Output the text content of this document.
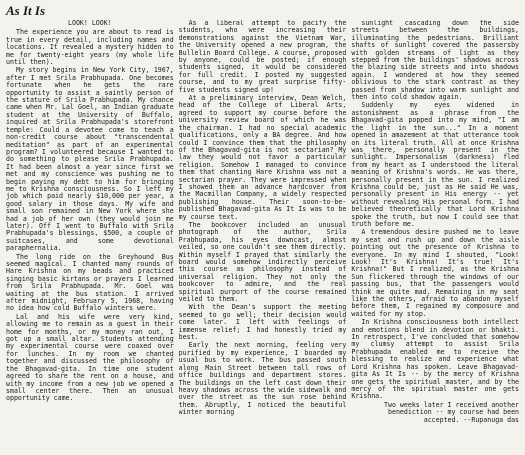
As It Is

LOOK! LOOK!

The experience you are about to read is true in every detail, including names and locations. It revealed a mystery hidden to me for twenty-eight years (my whole life until then).

My story begins in New York City, 1967, after I met Srila Prabhupada. One becomes fortunate when he gets the rare opportunity to assist a saintly person of the stature of Srila Prabhupada. My chance came when Mr. Lal Goel, an Indian graduate student at the University of Buffalo, inquired at Srila Prabhupada's storefront temple: Could a devotee come to teach a non-credit course about "transcendental meditation" as part of an experimental program? I volunteered because I wanted to do something to please Srila Prabhupada. It had been almost a year since first we met and my conscience was pushing me to begin paying my debt to him for bringing me to Krishna consciousness. So I left my job which paid nearly $10,000 per year, a good salary in those days. My wife and small son remained in New York where she had a job of her own (they would join me later). Off I went to Buffalo with Srila Prabhupada's blessings, $500, a couple of suitcases, and some devotional paraphernalia.

The long ride on the Greyhound Bus seemed magical. I chanted many rounds of Hare Krishna on my beads and practiced singing basic kirtans or prayers I learned from Srila Prabhupada. Mr. Goel was waiting at the bus station. I arrived after midnight, February 5, 1968, having no idea how cold Buffalo winters were.

Lal and his wife were very kind, allowing me to remain as a guest in their home for months, or my money ran out, I got up a small altar. Students attending my experimental course were coaxed over for lunches. In my room we chanted together and discussed the philosophy of the Bhagavad-gita. In time one student agreed to share the rent on a house, and with my income from a new job we opened a small center there. Then an unusual opportunity came.

As a liberal attempt to pacify the students, who were increasing their demonstrations against the Vietnam War, the University opened a new program, the Bullelin Board College. A course, proposed by anyone, could be posted; if enough students signed, it would be considered for full credit. I posted my suggested course, and to my great surprise fifty-five students signed up!

At a preliminary interview, Dean Welch, head of the College of Liberal Arts, agreed to support my course before the university review board of which he was the chairman. I had no special academic qualifications, only a BA degree. And how could I convince them that the philosophy of the Bhagavad-gita is not sectarian? My law they would not favor a particular religion. Somehow I managed to convince them that chanting Hare Krishna was not a sectarian prayer. They were impressed when I showed them an advance hardcover from the Macmillan Company, a widely respected publishing house. Their soon-to-be-published Bhagavad-gita As It Is was to be my course text.

The bookcover included an unusual photograph of the author, Srila Prabhupada, his eyes downcast, almost veiled, so one couldn't see them directly. Within myself I prayed that similarly the board would somehow indirectly perceive this course as philosophy instead of universal religion. They not only the bookcover to admire, and the real spiritual purport of the course remained veiled to them.

With the Dean's support the meeting seemed to go well; their decision would come later. I left with feelings of immense relief; I had honestly tried my best.

Early the next morning, feeling very purified by my experience, I boarded my usual bus to work. The bus passed south along Main Street between tall rows of office buildings and department stores. The buildings on the left cast down their heavy shadows across the wide sidewalk and over the street as the sun rose behind them. Abruptly, I noticed the beautiful winter morning

sunlight cascading down the side streets between the buildings, illuminating the pedestrians. Brilliant shafts of sunlight covered the passersby with golden streams of light as they stepped from the buildings' shadows across the blazing side streets and into shadows again. I wondered at how they seemed oblivious to the stark contrast as they passed from shadow into warm sunlight and then into cold shadow again.

Suddenly my eyes widened in astonishment as a phrase from the Bhagavad-gita popped into my mind, "I am the light in the sun..." In a moment opened in amazement at that utterance took on its literal truth. All at once Krishna was there, personally present in the sunlight. Impersonalism (darkness) fled from my heart as I understood the literal meaning of Krishna's words. He was there, personally present in the sun. I realized Krishna could be, just as He said He was, personally present in His energy -- yet without revealing His personal form. I had believed theoretically that Lord Krishna spoke the truth, but now I could see that truth before me.

A tremendous desire pushed me to leave my seat and rush up and down the aisle pointing out the presence of Krishna to everyone. In my mind I shouted, "Look! Look! It's Krishna! It's true! It's Krishna!" But I realized, as the Krishna Sun flickered through the windows of our passing bus, that the passengers would think me quite mad. Remaining in my seat like the others, afraid to abandon myself before them, I regained my composure and waited for my stop.

In Krishna consciousness both intellect and emotions blend in devotion or bhakti. In retrospect, I've concluded that somehow my clumsy attempt to assist Srila Prabhupada enabled me to receive the blessing to realize and experience what Lord Krishna has spoken. Leave Bhagavad-gita As It Is -- by the mercy of Krishna one gets the spiritual master, and by the mercy of the spiritual master one gets Krishna.

Two weeks later I received another benediction -- my course had been accepted. --Rupanuga das
